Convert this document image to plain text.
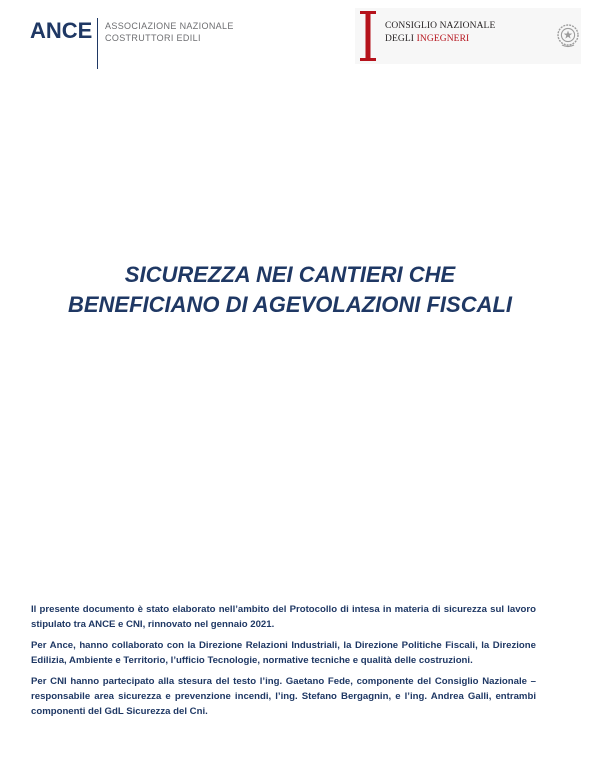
ANCE ASSOCIAZIONE NAZIONALE
COSTRUTTORI EDILI
CONSIGLIO NAZIONALE
DEGLI INGEGNERI
SICUREZZA NEI CANTIERI CHE
BENEFICIANO DI AGEVOLAZIONI FISCALI

Il presente documento è stato elaborato nell’ambito del Protocollo di intesa in materia di sicurezza sul lavoro stipulato tra ANCE e CNI, rinnovato nel gennaio 2021.

Per Ance, hanno collaborato con la Direzione Relazioni Industriali, la Direzione Politiche Fiscali, la Direzione Edilizia, Ambiente e Territorio, l’ufficio Tecnologie, normative tecniche e qualità delle costruzioni.

Per CNI hanno partecipato alla stesura del testo l’ing. Gaetano Fede, componente del Consiglio Nazionale – responsabile area sicurezza e prevenzione incendi, l’ing. Stefano Bergagnin, e l’ing. Andrea Galli, entrambi componenti del GdL Sicurezza del Cni.
